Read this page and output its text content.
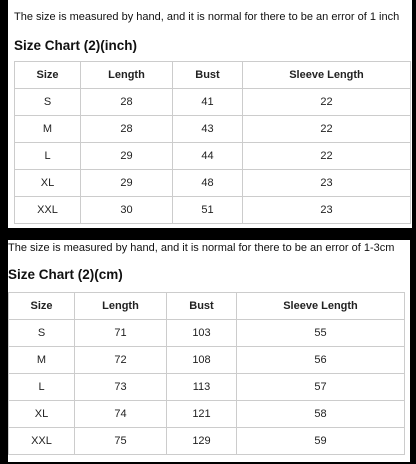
The size is measured by hand, and it is normal for there to be an error of 1 inch
Size Chart (2)(inch)
Size	Length	Bust	Sleeve Length
S	28	41	22
M	28	43	22
L	29	44	22
XL	29	48	23
XXL	30	51	23
The size is measured by hand, and it is normal for there to be an error of 1-3cm
Size Chart (2)(cm)
Size	Length	Bust	Sleeve Length
S	71	103	55
M	72	108	56
L	73	113	57
XL	74	121	58
XXL	75	129	59
